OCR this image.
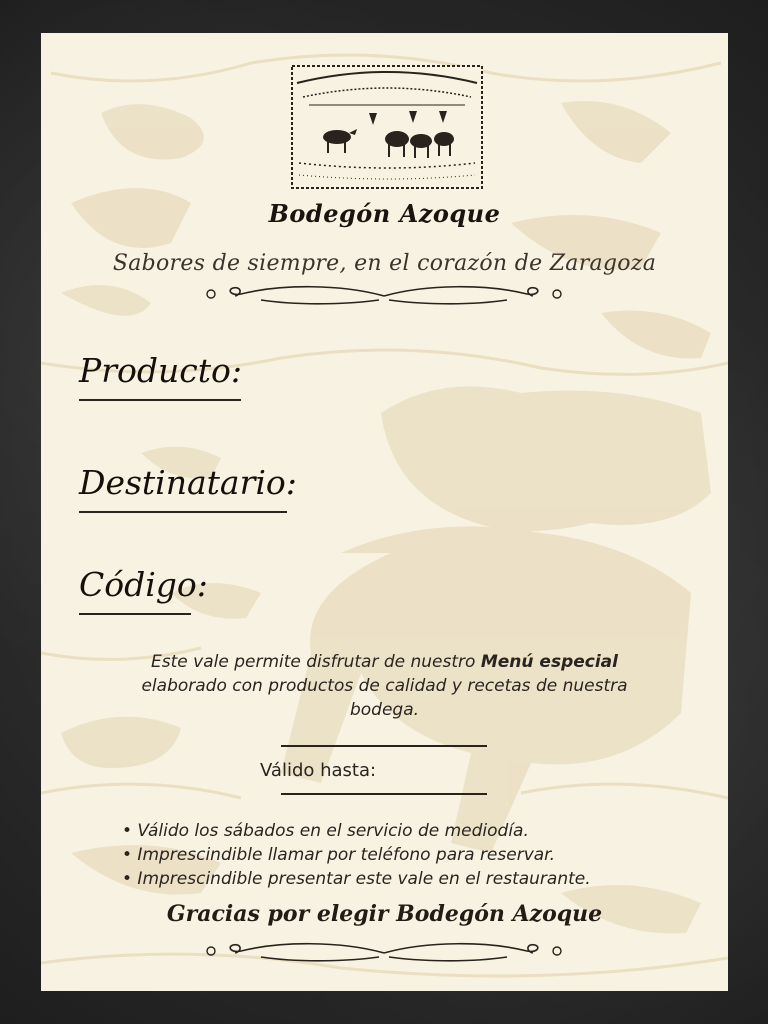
Bodegón Azoque
Sabores de siempre, en el corazón de Zaragoza
Producto:
Destinatario:
Código:
Este vale permite disfrutar de nuestro Menú especial elaborado con productos de calidad y recetas de nuestra bodega.
Válido hasta:
• Válido los sábados en el servicio de mediodía.
• Imprescindible llamar por teléfono para reservar.
• Imprescindible presentar este vale en el restaurante.
Gracias por elegir Bodegón Azoque
